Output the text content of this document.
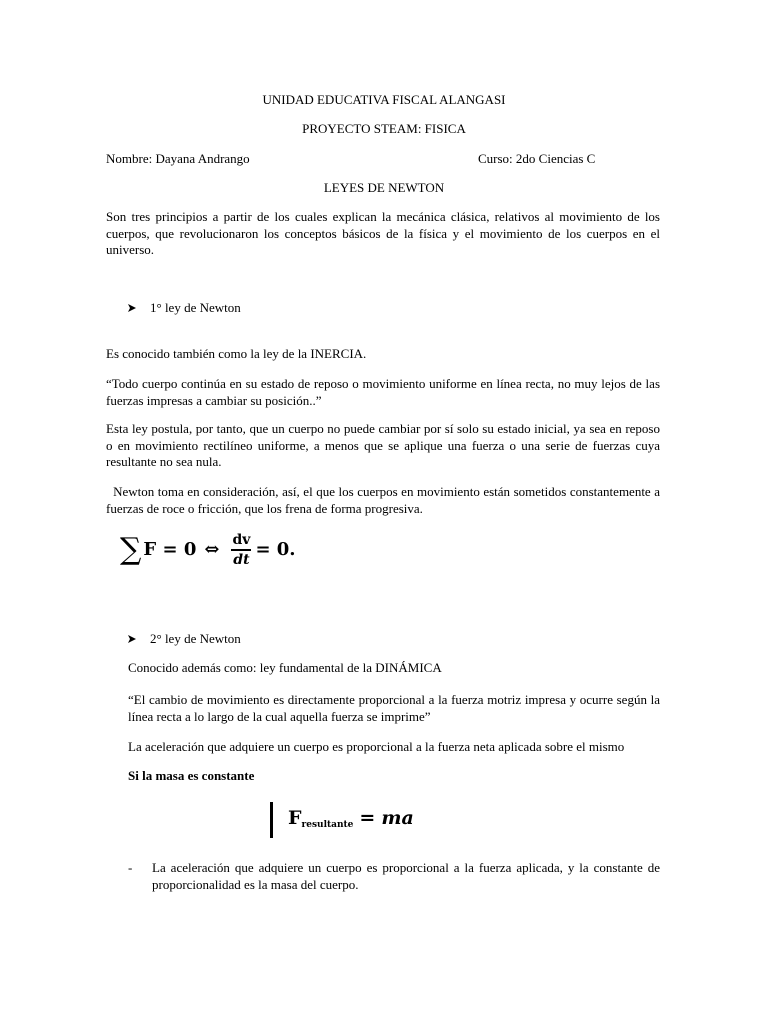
UNIDAD EDUCATIVA FISCAL ALANGASI
PROYECTO STEAM: FISICA
Nombre: Dayana Andrango	Curso: 2do Ciencias C
LEYES DE NEWTON

Son tres principios a partir de los cuales explican la mecánica clásica, relativos al movimiento de los cuerpos, que revolucionaron los conceptos básicos de la física y el movimiento de los cuerpos en el universo.

1° ley de Newton

Es conocido también como la ley de la INERCIA.

“Todo cuerpo continúa en su estado de reposo o movimiento uniforme en línea recta, no muy lejos de las fuerzas impresas a cambiar su posición..”

Esta ley postula, por tanto, que un cuerpo no puede cambiar por sí solo su estado inicial, ya sea en reposo o en movimiento rectilíneo uniforme, a menos que se aplique una fuerza o una serie de fuerzas cuya resultante no sea nula.

Newton toma en consideración, así, el que los cuerpos en movimiento están sometidos constantemente a fuerzas de roce o fricción, que los frena de forma progresiva.

∑ F = 0 ⇔ $\frac{dv}{dt} = 0$.
2° ley de Newton

Conocido además como: ley fundamental de la DINÁMICA

“El cambio de movimiento es directamente proporcional a la fuerza motriz impresa y ocurre según la línea recta a lo largo de la cual aquella fuerza se imprime”

La aceleración que adquiere un cuerpo es proporcional a la fuerza neta aplicada sobre el mismo

Si la masa es constante

F resultante = ma
-	La aceleración que adquiere un cuerpo es proporcional a la fuerza aplicada, y la constante de proporcionalidad es la masa del cuerpo.
